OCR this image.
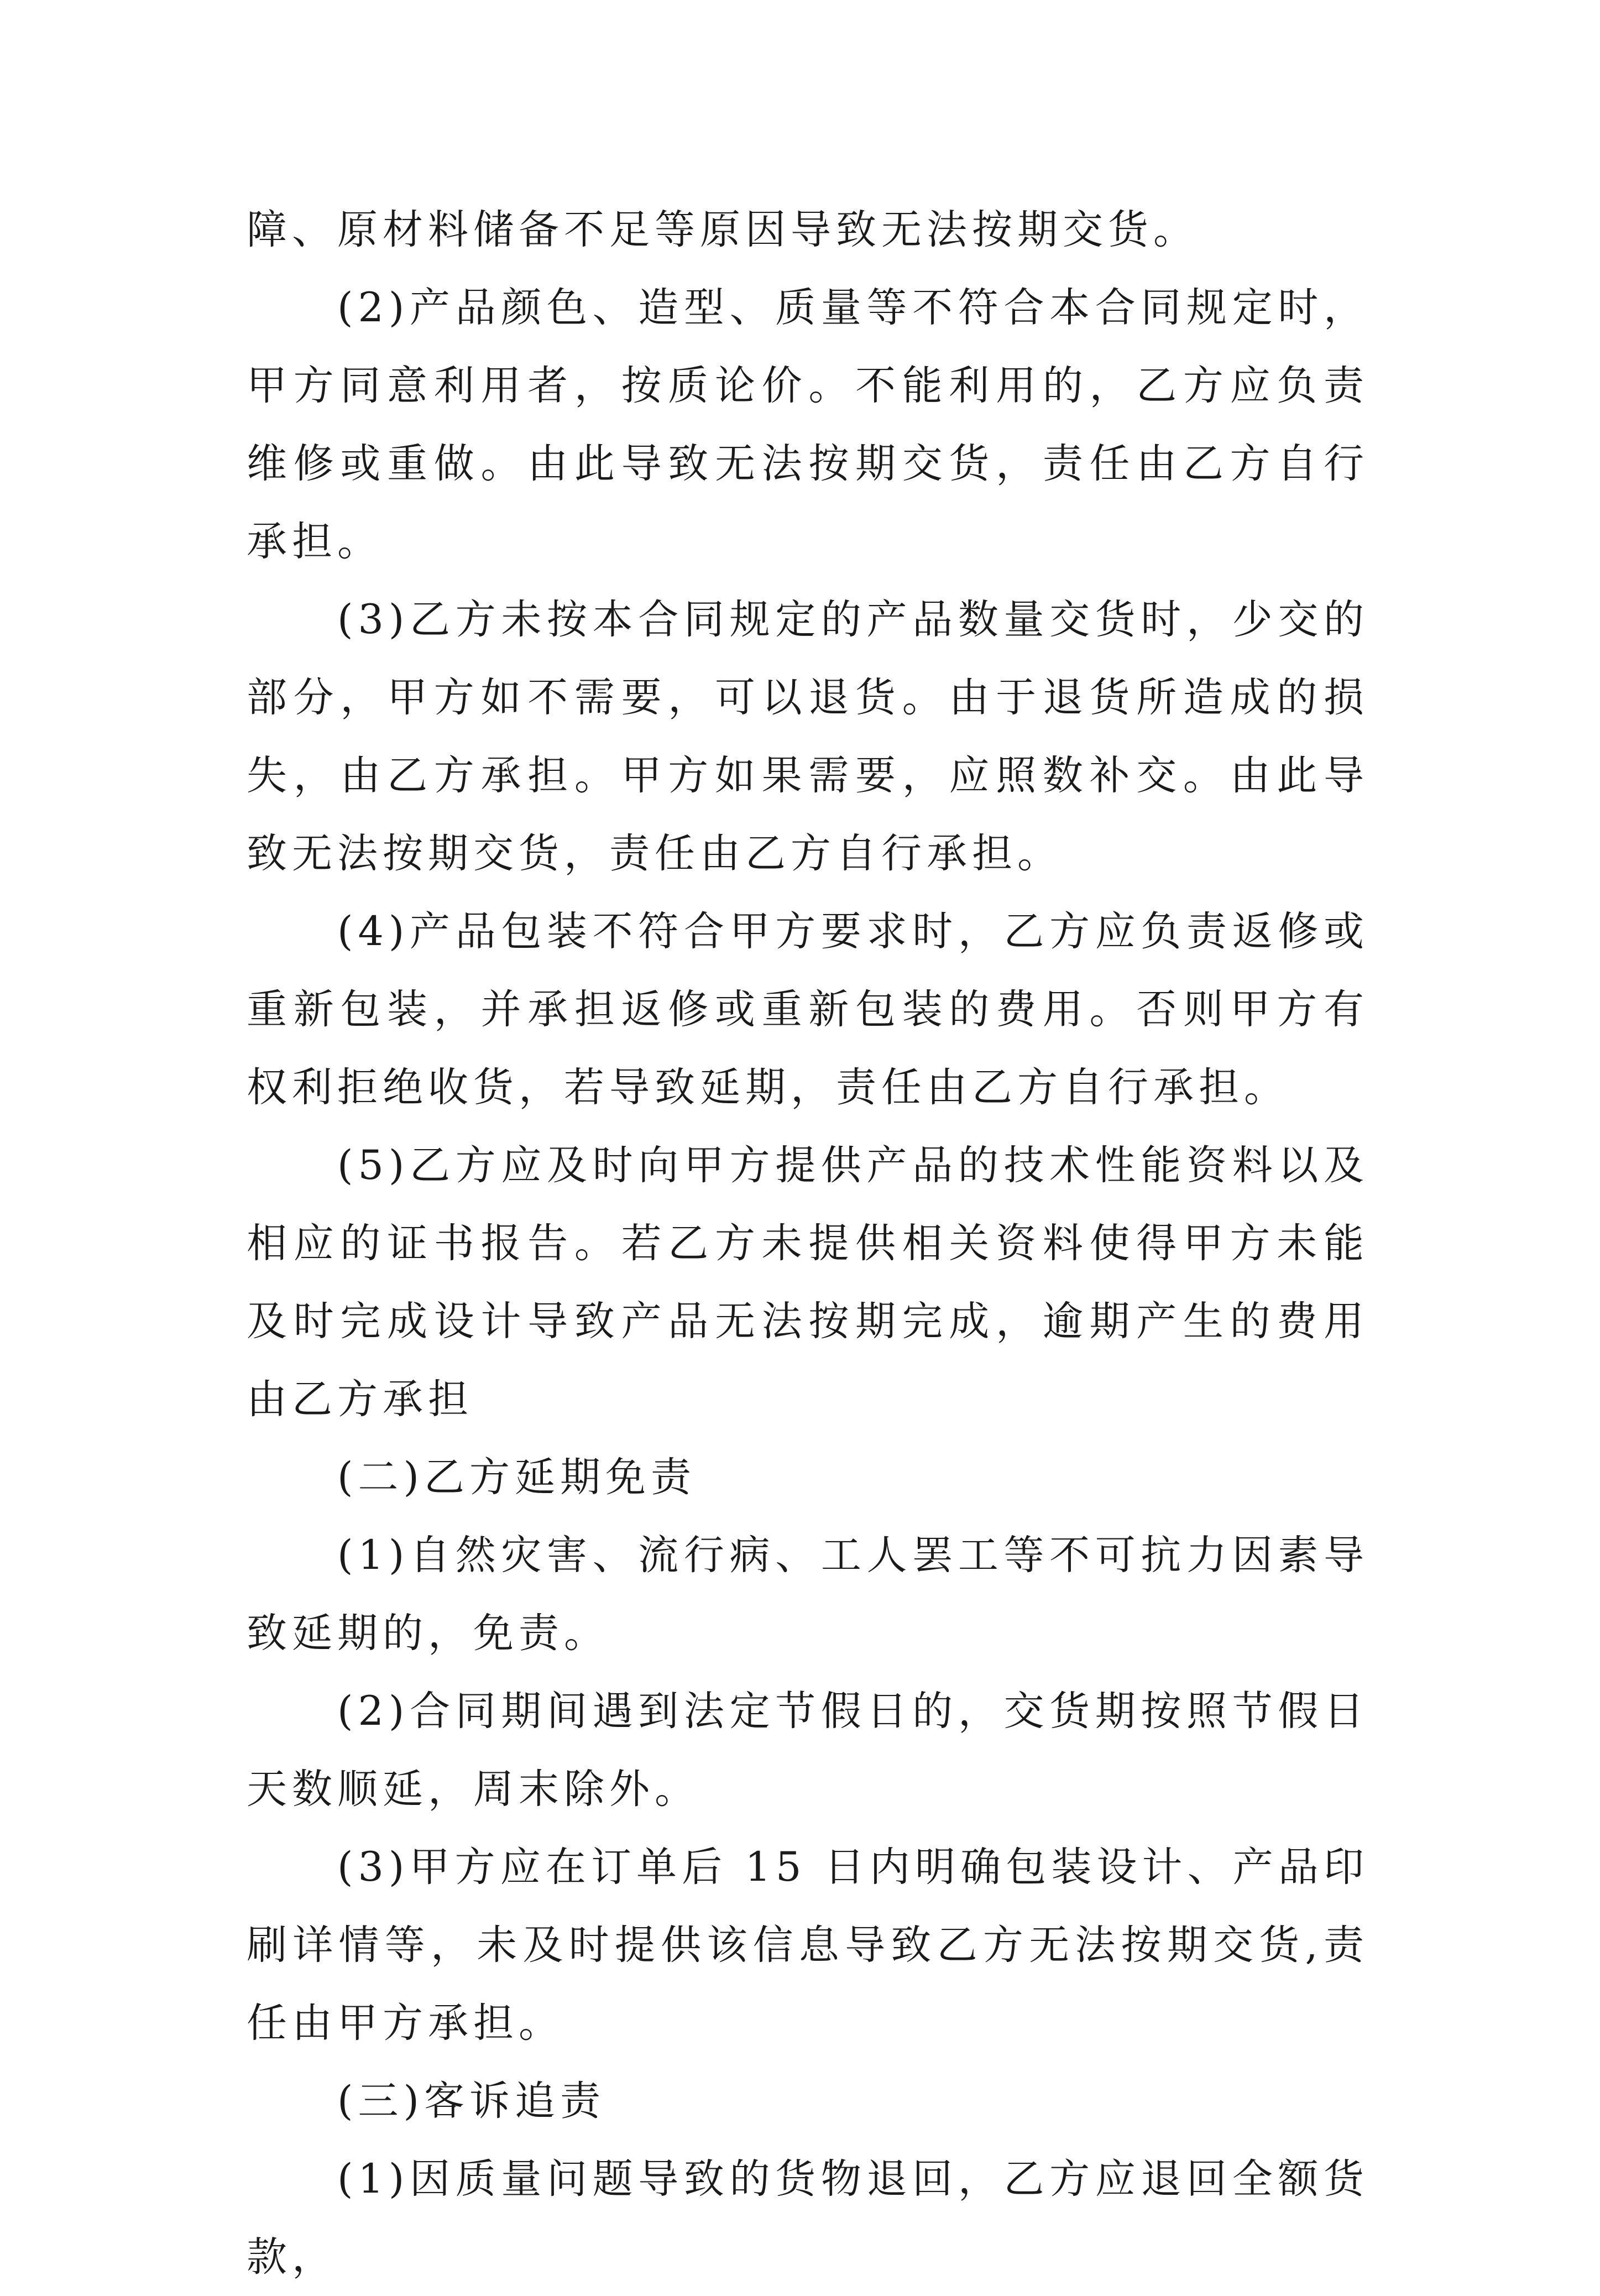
障、原材料储备不足等原因导致无法按期交货。

(2)产品颜色、造型、质量等不符合本合同规定时，甲方同意利用者，按质论价。不能利用的，乙方应负责维修或重做。由此导致无法按期交货，责任由乙方自行承担。

(3)乙方未按本合同规定的产品数量交货时，少交的部分，甲方如不需要，可以退货。由于退货所造成的损失，由乙方承担。甲方如果需要，应照数补交。由此导致无法按期交货，责任由乙方自行承担。

(4)产品包装不符合甲方要求时，乙方应负责返修或重新包装，并承担返修或重新包装的费用。否则甲方有权利拒绝收货，若导致延期，责任由乙方自行承担。

(5)乙方应及时向甲方提供产品的技术性能资料以及相应的证书报告。若乙方未提供相关资料使得甲方未能及时完成设计导致产品无法按期完成，逾期产生的费用由乙方承担

(二)乙方延期免责

(1)自然灾害、流行病、工人罢工等不可抗力因素导致延期的，免责。

(2)合同期间遇到法定节假日的，交货期按照节假日天数顺延，周末除外。

(3)甲方应在订单后 15 日内明确包装设计、产品印刷详情等，未及时提供该信息导致乙方无法按期交货,责任由甲方承担。

(三)客诉追责

(1)因质量问题导致的货物退回，乙方应退回全额货款，
